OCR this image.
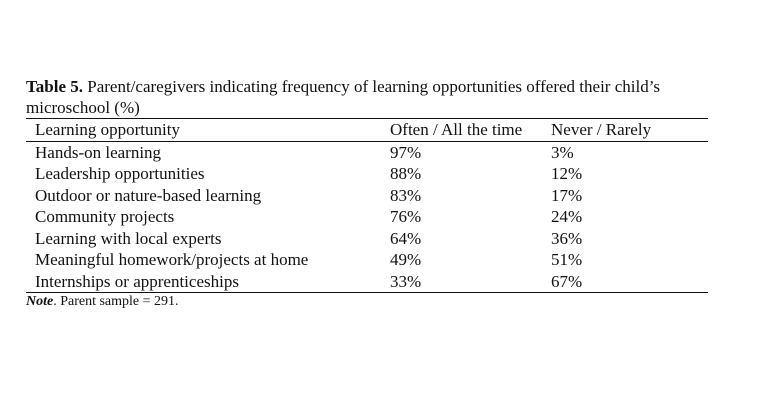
Table 5. Parent/caregivers indicating frequency of learning opportunities offered their child’s microschool (%)

Learning opportunity	Often / All the time	Never / Rarely
Hands-on learning	97%	3%
Leadership opportunities	88%	12%
Outdoor or nature-based learning	83%	17%
Community projects	76%	24%
Learning with local experts	64%	36%
Meaningful homework/projects at home	49%	51%
Internships or apprenticeships	33%	67%

Note. Parent sample = 291.
